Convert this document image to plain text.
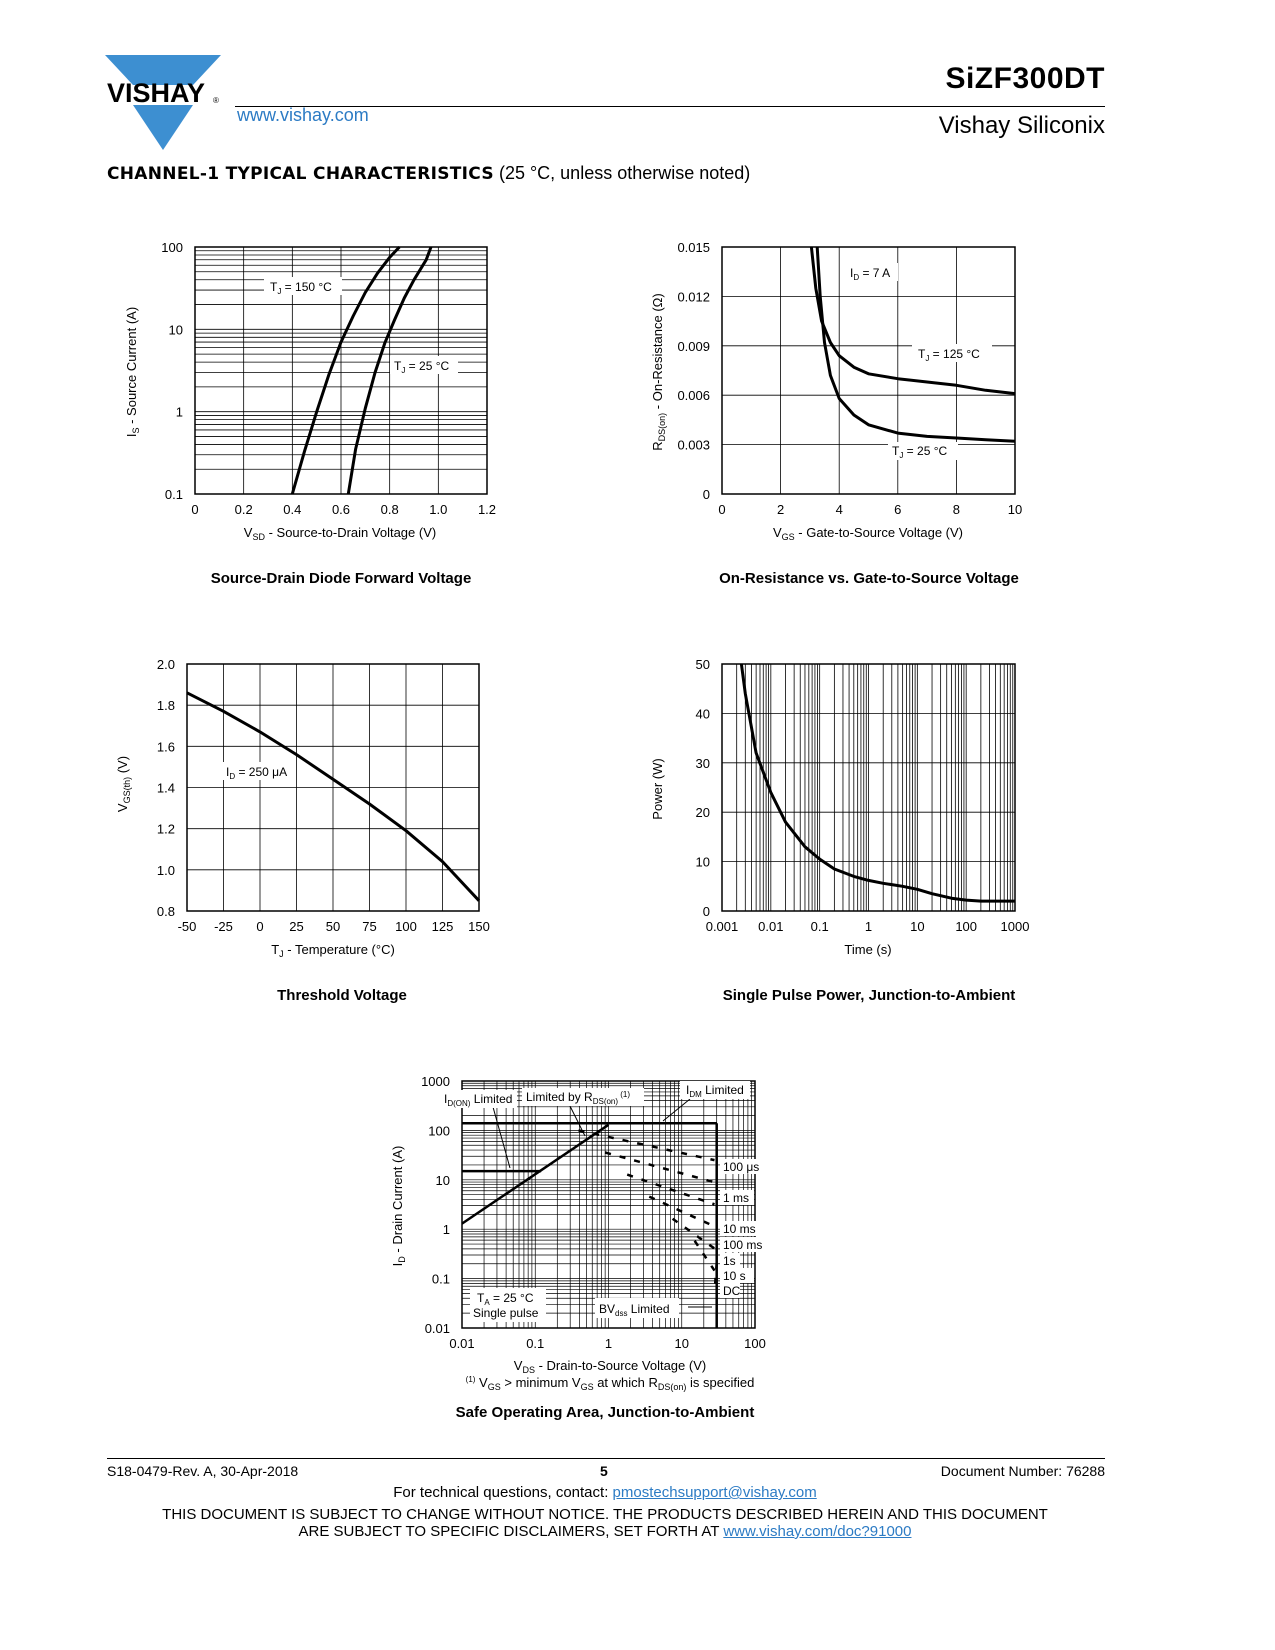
VISHAY ®
www.vishay.com
SiZF300DT
Vishay Siliconix
CHANNEL-1 TYPICAL CHARACTERISTICS (25 °C, unless otherwise noted)
$T_J = 150$ °C
$T_J = 25$ °C
100
10
1
0.1
0	0.2 0.4 0.6 0.8 1.0 1.2
$V_{SD}$ - Source-to-Drain Voltage (V)
$I_S$ - Source Current (A)
Source-Drain Diode Forward Voltage
$I_D = 7$ A
$T_J = 125$ °C
$T_J = 25$ °C
0.015
0.012
0.009
0.006
0.003
0
0	2	4	6	8	10
$V_{GS}$ - Gate-to-Source Voltage (V)
$R_{DS(on)}$ - On-Resistance (Ω)
On-Resistance vs. Gate-to-Source Voltage
$I_D = 250$ μA
2.0
1.8
1.6
1.4
1.2
1.0
0.8
-50 -25 0 25 50 75 100 125 150
$T_J$ - Temperature (°C)
$V_{GS(th)}$ (V)
Threshold Voltage
50
40
30
20
10
0
0.001 0.01 0.1	1	10 100 1000
Time (s)
Power (W)
Single Pulse Power, Junction-to-Ambient
$I_{D(ON)}$ Limited Limited by $R_{DS(on)}$ $^{(1)}$	$I_{DM}$ Limited
$T_A = 25$ °C
Single pulse	$BV_{dss}$ Limited
100 μs
1 ms
10 ms
100 ms
1s
10 s
DC
1000
100
10
1
0.1
0.01
0.01	0.1	1	10	100
$V_{DS}$ - Drain-to-Source Voltage (V)
$^{(1)}$ $V_{GS}$ > minimum $V_{GS}$ at which $R_{DS(on)}$ is specified
$I_D$ - Drain Current (A)
Safe Operating Area, Junction-to-Ambient
S18-0479-Rev. A, 30-Apr-2018	5	Document Number: 76288
For technical questions, contact: pmostechsupport@vishay.com
THIS DOCUMENT IS SUBJECT TO CHANGE WITHOUT NOTICE. THE PRODUCTS DESCRIBED HEREIN AND THIS DOCUMENT
ARE SUBJECT TO SPECIFIC DISCLAIMERS, SET FORTH AT www.vishay.com/doc?91000
